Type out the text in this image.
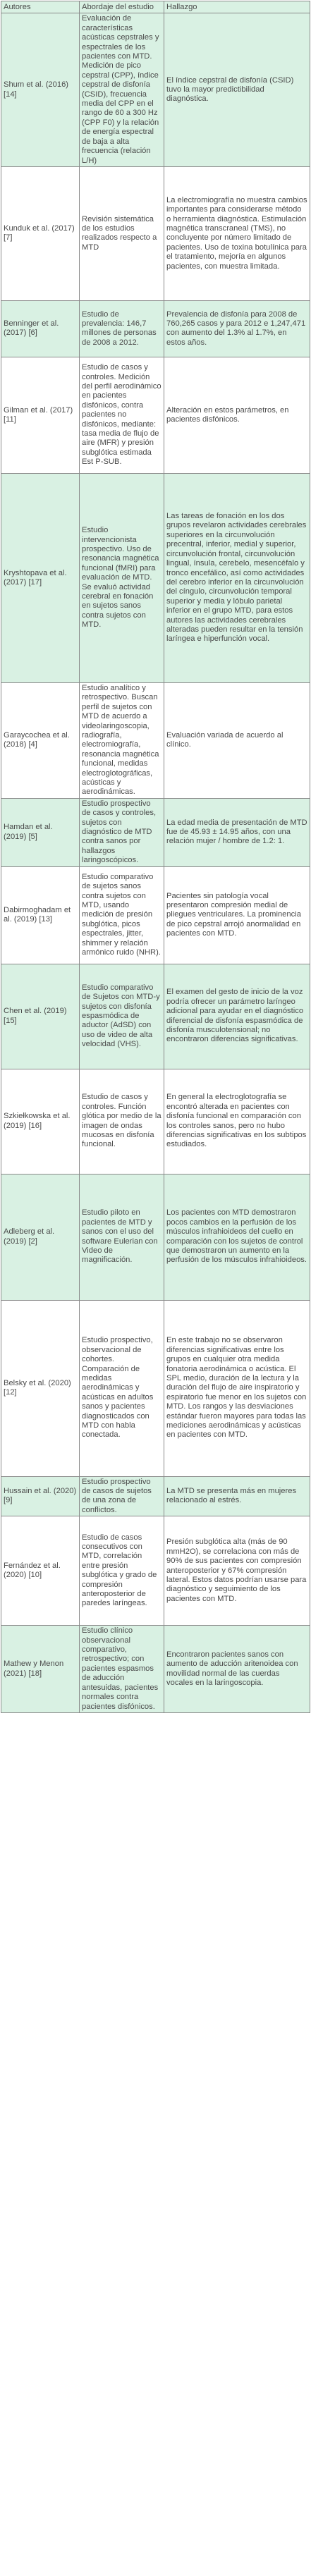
Autores	Abordaje del estudio	Hallazgo
Shum et al. (2016) [14]	Evaluación de características acústicas cepstrales y espectrales de los pacientes con MTD. Medición de pico cepstral (CPP), índice cepstral de disfonía (CSID), frecuencia media del CPP en el rango de 60 a 300 Hz (CPP F0) y la relación de energía espectral de baja a alta frecuencia (relación L/H)	El índice cepstral de disfonía (CSID) tuvo la mayor predictibilidad diagnóstica.
Kunduk et al. (2017) [7]	Revisión sistemática de los estudios realizados respecto a MTD	La electromiografía no muestra cambios importantes para considerarse método o herramienta diagnóstica. Estimulación magnética transcraneal (TMS), no concluyente por número limitado de pacientes. Uso de toxina botulínica para el tratamiento, mejoría en algunos pacientes, con muestra limitada.
Benninger et al. (2017) [6]	Estudio de prevalencia: 146,7 millones de personas de 2008 a 2012.	Prevalencia de disfonía para 2008 de 760,265 casos y para 2012 e 1,247,471 con aumento del 1.3% al 1.7%, en estos años.
Gilman et al. (2017) [11]	Estudio de casos y controles. Medición del perfil aerodinámico en pacientes disfónicos, contra pacientes no disfónicos, mediante: tasa media de flujo de aire (MFR) y presión subglótica estimada Est P-SUB.	Alteración en estos parámetros, en pacientes disfónicos.
Kryshtopava et al. (2017) [17]	Estudio intervencionista prospectivo. Uso de resonancia magnética funcional (fMRI) para evaluación de MTD. Se evaluó actividad cerebral en fonación en sujetos sanos contra sujetos con MTD.	Las tareas de fonación en los dos grupos revelaron actividades cerebrales superiores en la circunvolución precentral, inferior, medial y superior, circunvolución frontal, circunvolución lingual, ínsula, cerebelo, mesencéfalo y tronco encefálico, así como actividades del cerebro inferior en la circunvolución del cíngulo, circunvolución temporal superior y media y lóbulo parietal inferior en el grupo MTD, para estos autores las actividades cerebrales alteradas pueden resultar en la tensión laríngea e hiperfunción vocal.
Garaycochea et al. (2018) [4]	Estudio analítico y retrospectivo. Buscan perfil de sujetos con MTD de acuerdo a videolaringoscopia, radiografía, electromiografía, resonancia magnética funcional, medidas electroglotográficas, acústicas y aerodinámicas.	Evaluación variada de acuerdo al clínico.
Hamdan et al. (2019) [5]	Estudio prospectivo de casos y controles, sujetos con diagnóstico de MTD contra sanos por hallazgos laringoscópicos.	La edad media de presentación de MTD fue de 45.93 ± 14.95 años, con una relación mujer / hombre de 1.2: 1.
Dabirmoghadam et al. (2019) [13]	Estudio comparativo de sujetos sanos contra sujetos con MTD, usando medición de presión subglótica, picos espectrales, jitter, shimmer y relación armónico ruido (NHR).	Pacientes sin patología vocal presentaron compresión medial de pliegues ventriculares. La prominencia de pico cepstral arrojó anormalidad en pacientes con MTD.
Chen et al. (2019) [15]	Estudio comparativo de Sujetos con MTD-y sujetos con disfonía espasmódica de aductor (AdSD) con uso de video de alta velocidad (VHS).	El examen del gesto de inicio de la voz podría ofrecer un parámetro laríngeo adicional para ayudar en el diagnóstico diferencial de disfonía espasmódica de disfonía musculotensional; no encontraron diferencias significativas.
Szkiełkowska et al. (2019) [16]	Estudio de casos y controles. Función glótica por medio de la imagen de ondas mucosas en disfonía funcional.	En general la electroglotografía se encontró alterada en pacientes con disfonía funcional en comparación con los controles sanos, pero no hubo diferencias significativas en los subtipos estudiados.
Adleberg et al. (2019) [2]	Estudio piloto en pacientes de MTD y sanos con el uso del software Eulerian con Video de magnificación.	Los pacientes con MTD demostraron pocos cambios en la perfusión de los músculos infrahioideos del cuello en comparación con los sujetos de control que demostraron un aumento en la perfusión de los músculos infrahioideos.
Belsky et al. (2020) [12]	Estudio prospectivo, observacional de cohortes. Comparación de medidas aerodinámicas y acústicas en adultos sanos y pacientes diagnosticados con MTD con habla conectada.	En este trabajo no se observaron diferencias significativas entre los grupos en cualquier otra medida fonatoria aerodinámica o acústica. El SPL medio, duración de la lectura y la duración del flujo de aire inspiratorio y espiratorio fue menor en los sujetos con MTD. Los rangos y las desviaciones estándar fueron mayores para todas las mediciones aerodinámicas y acústicas en pacientes con MTD.
Hussain et al. (2020) [9]	Estudio prospectivo de casos de sujetos de una zona de conflictos.	La MTD se presenta más en mujeres relacionado al estrés.
Fernández et al. (2020) [10]	Estudio de casos consecutivos con MTD, correlación entre presión subglótica y grado de compresión anteroposterior de paredes laríngeas.	Presión subglótica alta (más de 90 mmH2O), se correlaciona con más de 90% de sus pacientes con compresión anteroposterior y 67% compresión lateral. Estos datos podrían usarse para diagnóstico y seguimiento de los pacientes con MTD.
Mathew y Menon (2021) [18]	Estudio clínico observacional comparativo, retrospectivo; con pacientes espasmos de aducción antesuidas, pacientes normales contra pacientes disfónicos.	Encontraron pacientes sanos con aumento de aducción aritenoidea con movilidad normal de las cuerdas vocales en la laringoscopia.
